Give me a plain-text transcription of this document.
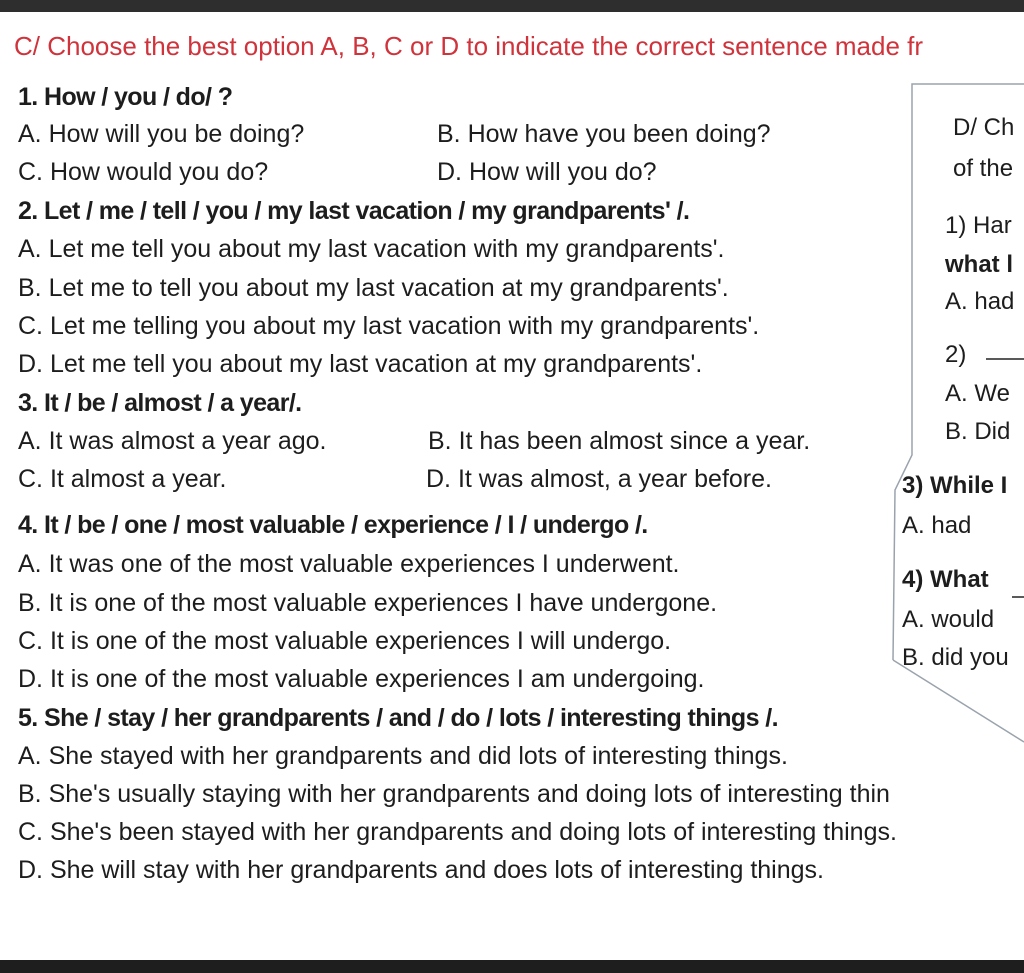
C/ Choose the best option A, B, C or D to indicate the correct sentence made fr
1. How / you / do/ ?
A. How will you be doing?	B. How have you been doing?
C. How would you do?	D. How will you do?
2. Let / me / tell / you / my last vacation / my grandparents' /.
A. Let me tell you about my last vacation with my grandparents'.
B. Let me to tell you about my last vacation at my grandparents'.
C. Let me telling you about my last vacation with my grandparents'.
D. Let me tell you about my last vacation at my grandparents'.
3. It / be / almost / a year/.
A. It was almost a year ago.	B. It has been almost since a year.
C. It almost a year.	D. It was almost, a year before.
4. It / be / one / most valuable / experience / I / undergo /.
A. It was one of the most valuable experiences I underwent.
B. It is one of the most valuable experiences I have undergone.
C. It is one of the most valuable experiences I will undergo.
D. It is one of the most valuable experiences I am undergoing.
5. She / stay / her grandparents / and / do / lots / interesting things /.
A. She stayed with her grandparents and did lots of interesting things.
B. She's usually staying with her grandparents and doing lots of interesting thin
C. She's been stayed with her grandparents and doing lots of interesting things.
D. She will stay with her grandparents and does lots of interesting things.
D/ Ch
of the
1) Har
what l
A. had
2)
A. We
B. Did
3) While I
A. had
4) What
A. would
B. did you
